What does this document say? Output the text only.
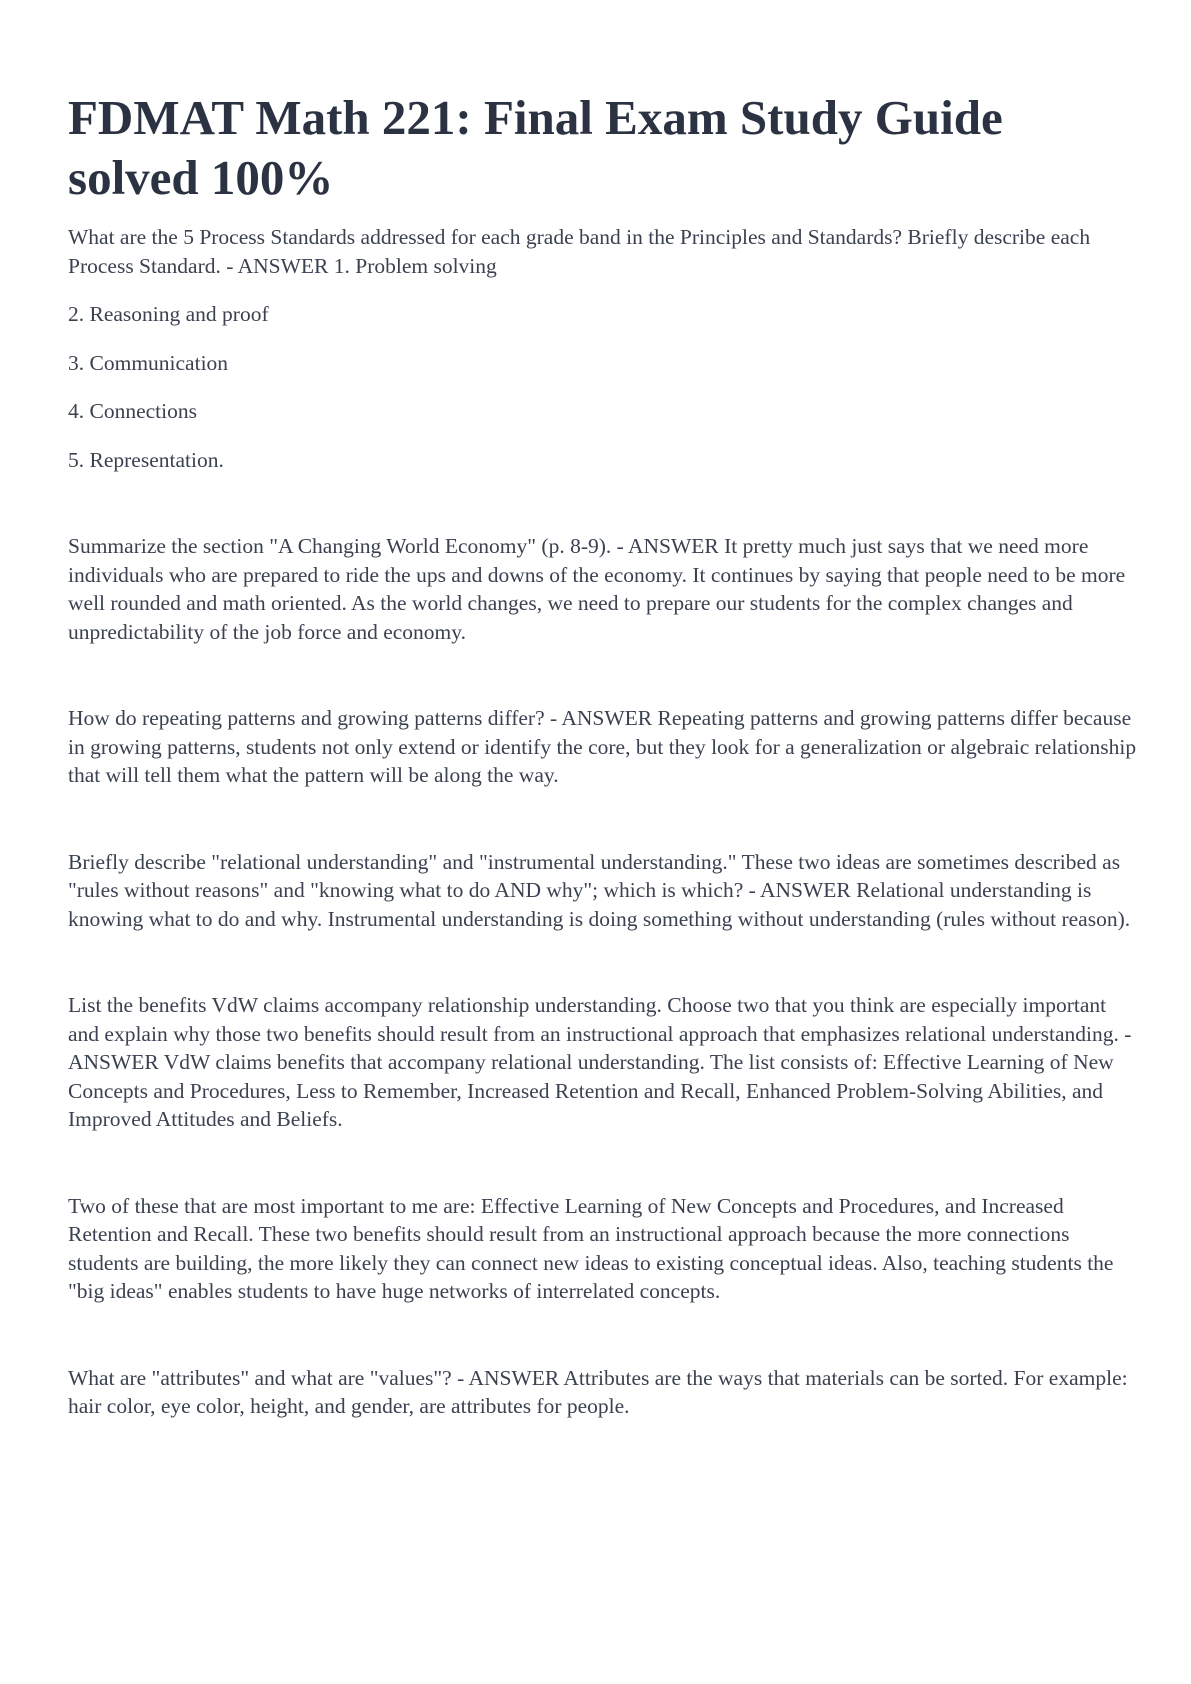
FDMAT Math 221: Final Exam Study Guide solved 100%

What are the 5 Process Standards addressed for each grade band in the Principles and Standards? Briefly describe each Process Standard. - ANSWER 1. Problem solving

2. Reasoning and proof

3. Communication

4. Connections

5. Representation.

Summarize the section "A Changing World Economy" (p. 8-9). - ANSWER It pretty much just says that we need more individuals who are prepared to ride the ups and downs of the economy. It continues by saying that people need to be more well rounded and math oriented. As the world changes, we need to prepare our students for the complex changes and unpredictability of the job force and economy.

How do repeating patterns and growing patterns differ? - ANSWER Repeating patterns and growing patterns differ because in growing patterns, students not only extend or identify the core, but they look for a generalization or algebraic relationship that will tell them what the pattern will be along the way.

Briefly describe "relational understanding" and "instrumental understanding." These two ideas are sometimes described as "rules without reasons" and "knowing what to do AND why"; which is which? - ANSWER Relational understanding is knowing what to do and why. Instrumental understanding is doing something without understanding (rules without reason).

List the benefits VdW claims accompany relationship understanding. Choose two that you think are especially important and explain why those two benefits should result from an instructional approach that emphasizes relational understanding. - ANSWER VdW claims benefits that accompany relational understanding. The list consists of: Effective Learning of New Concepts and Procedures, Less to Remember, Increased Retention and Recall, Enhanced Problem-Solving Abilities, and Improved Attitudes and Beliefs.

Two of these that are most important to me are: Effective Learning of New Concepts and Procedures, and Increased Retention and Recall. These two benefits should result from an instructional approach because the more connections students are building, the more likely they can connect new ideas to existing conceptual ideas. Also, teaching students the "big ideas" enables students to have huge networks of interrelated concepts.

What are "attributes" and what are "values"? - ANSWER Attributes are the ways that materials can be sorted. For example: hair color, eye color, height, and gender, are attributes for people.
